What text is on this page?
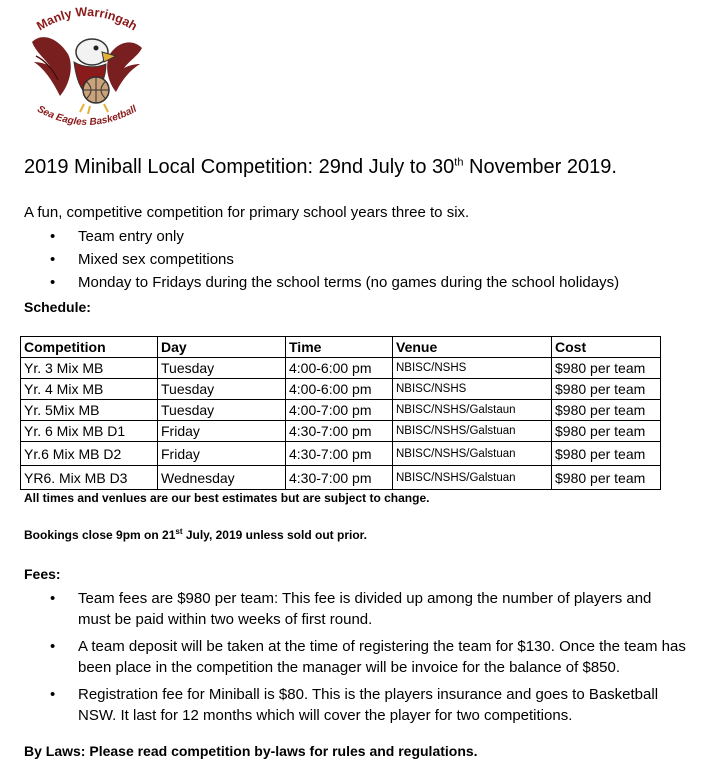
Manly Warringah
Sea Eagles Basketball
2019 Miniball Local Competition: 29nd July to 30th November 2019.
A fun, competitive competition for primary school years three to six.
• Team entry only
• Mixed sex competitions
• Monday to Fridays during the school terms (no games during the school holidays)
Schedule:
Competition	Day	Time	Venue	Cost
Yr. 3 Mix MB	Tuesday	4:00-6:00 pm	NBISC/NSHS	$980 per team
Yr. 4 Mix MB	Tuesday	4:00-6:00 pm	NBISC/NSHS	$980 per team
Yr. 5Mix MB	Tuesday	4:00-7:00 pm	NBISC/NSHS/Galstaun	$980 per team
Yr. 6 Mix MB D1	Friday	4:30-7:00 pm	NBISC/NSHS/Galstuan	$980 per team
Yr.6 Mix MB D2	Friday	4:30-7:00 pm	NBISC/NSHS/Galstuan	$980 per team
YR6. Mix MB D3	Wednesday	4:30-7:00 pm	NBISC/NSHS/Galstuan	$980 per team
All times and venlues are our best estimates but are subject to change.
Bookings close 9pm on 21st July, 2019 unless sold out prior.
Fees:
• Team fees are $980 per team: This fee is divided up among the number of players and must be paid within two weeks of first round.
• A team deposit will be taken at the time of registering the team for $130. Once the team has been place in the competition the manager will be invoice for the balance of $850.
• Registration fee for Miniball is $80. This is the players insurance and goes to Basketball NSW. It last for 12 months which will cover the player for two competitions.
By Laws: Please read competition by-laws for rules and regulations.
